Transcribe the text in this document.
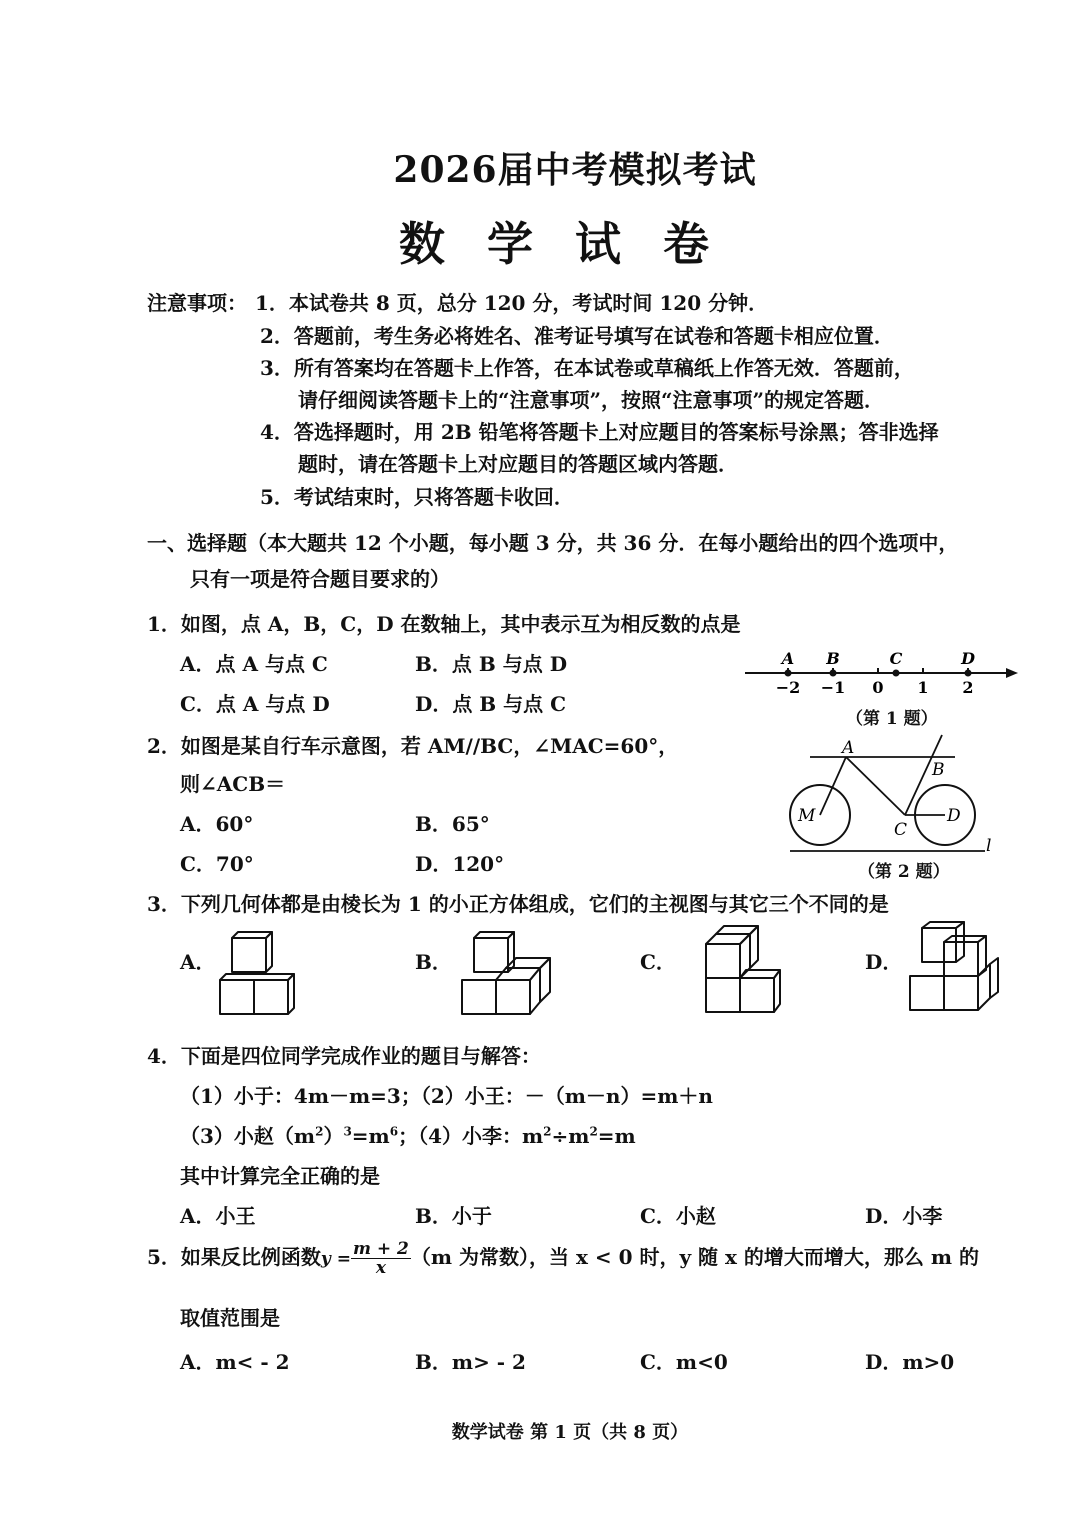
2026届中考模拟考试
数学试卷
注意事项： 1．本试卷共 8 页，总分 120 分，考试时间 120 分钟．
2．答题前，考生务必将姓名、准考证号填写在试卷和答题卡相应位置．
3．所有答案均在答题卡上作答，在本试卷或草稿纸上作答无效．答题前，
请仔细阅读答题卡上的“注意事项”，按照“注意事项”的规定答题．
4．答选择题时，用 2B 铅笔将答题卡上对应题目的答案标号涂黑；答非选择
题时，请在答题卡上对应题目的答题区域内答题．
5．考试结束时，只将答题卡收回．
一、选择题（本大题共 12 个小题，每小题 3 分，共 36 分．在每小题给出的四个选项中，
只有一项是符合题目要求的）
1．如图，点 A，B，C，D 在数轴上，其中表示互为相反数的点是
A．点 A 与点 C	B．点 B 与点 D
C．点 A 与点 D	D．点 B 与点 C
−2 −1 0 1 2
A B	C	D
（第 1 题）
2．如图是某自行车示意图，若 AM//BC，∠MAC=60°，
则∠ACB＝
A．60°	B．65°
C．70°	D．120°
A
B
C
D
M
l
（第 2 题）
3．下列几何体都是由棱长为 1 的小正方体组成，它们的主视图与其它三个不同的是
A．	B．	C．	D．
4．下面是四位同学完成作业的题目与解答：
（1）小于：4m－m=3；（2）小王：－（m－n）=m＋n
（3）小赵$(m^2)^3=m^6$；（4）小李：$m^2\div m^2=m$
其中计算完全正确的是
A．小王	B．小于	C．小赵	D．小李
5．如果反比例函数$y = \frac{m + 2}{x} (m$ 为常数），当 x < 0 时，y 随 x 的增大而增大，那么 m 的
取值范围是
A．m< - 2	B．m> - 2	C．m<0	D．m>0
数学试卷 第 1 页（共 8 页）
